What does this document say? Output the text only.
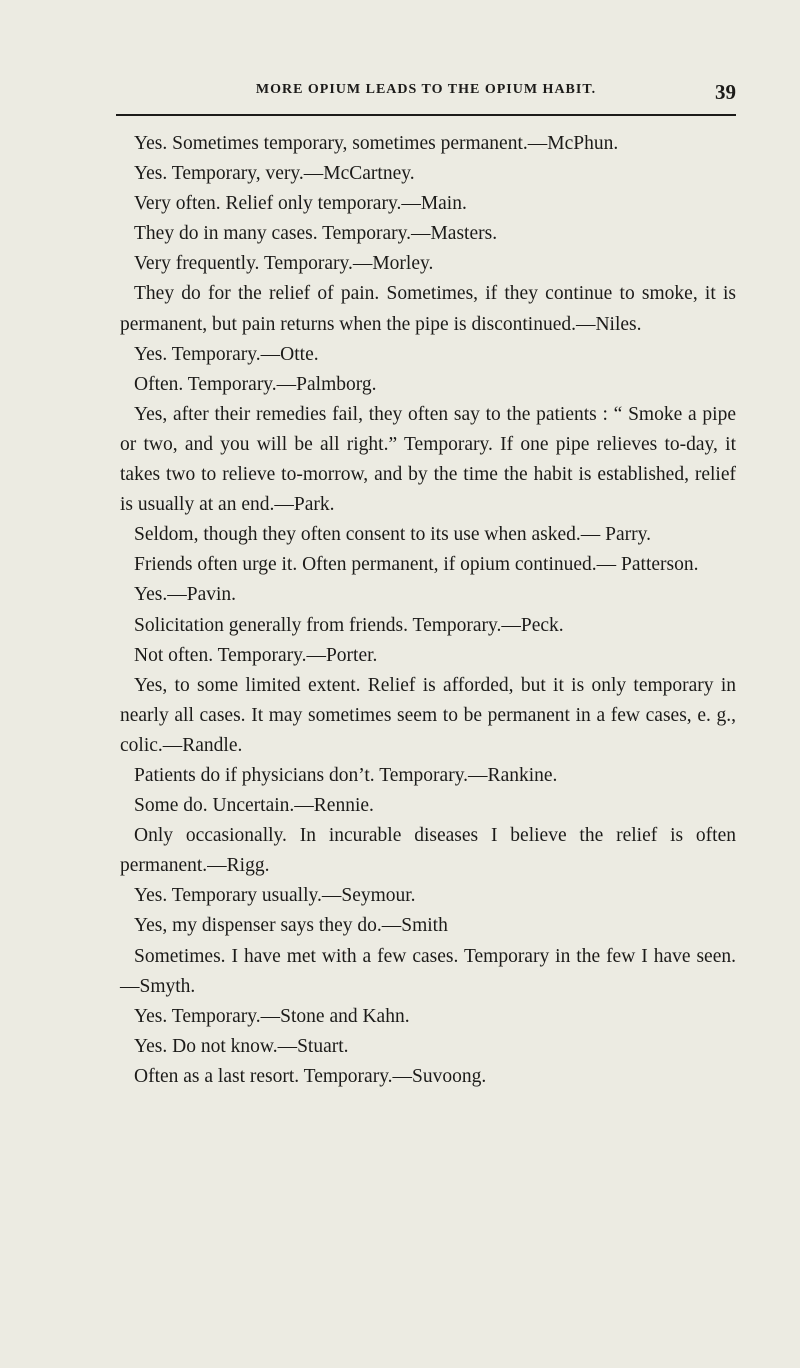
MORE OPIUM LEADS TO THE OPIUM HABIT.	39

Yes. Sometimes temporary, sometimes permanent.—McPhun.

Yes. Temporary, very.—McCartney.

Very often. Relief only temporary.—Main.

They do in many cases. Temporary.—Masters.

Very frequently. Temporary.—Morley.

They do for the relief of pain. Sometimes, if they continue to smoke, it is permanent, but pain returns when the pipe is discontinued.—Niles.

Yes. Temporary.—Otte.

Often. Temporary.—Palmborg.

Yes, after their remedies fail, they often say to the patients : “ Smoke a pipe or two, and you will be all right.” Temporary. If one pipe relieves to-day, it takes two to relieve to-morrow, and by the time the habit is established, relief is usually at an end.—Park.

Seldom, though they often consent to its use when asked.— Parry.

Friends often urge it. Often permanent, if opium continued.— Patterson.

Yes.—Pavin.

Solicitation generally from friends. Temporary.—Peck.

Not often. Temporary.—Porter.

Yes, to some limited extent. Relief is afforded, but it is only temporary in nearly all cases. It may sometimes seem to be permanent in a few cases, e. g., colic.—Randle.

Patients do if physicians don’t. Temporary.—Rankine.

Some do. Uncertain.—Rennie.

Only occasionally. In incurable diseases I believe the relief is often permanent.—Rigg.

Yes. Temporary usually.—Seymour.

Yes, my dispenser says they do.—Smith

Sometimes. I have met with a few cases. Temporary in the few I have seen.—Smyth.

Yes. Temporary.—Stone and Kahn.

Yes. Do not know.—Stuart.

Often as a last resort. Temporary.—Suvoong.
